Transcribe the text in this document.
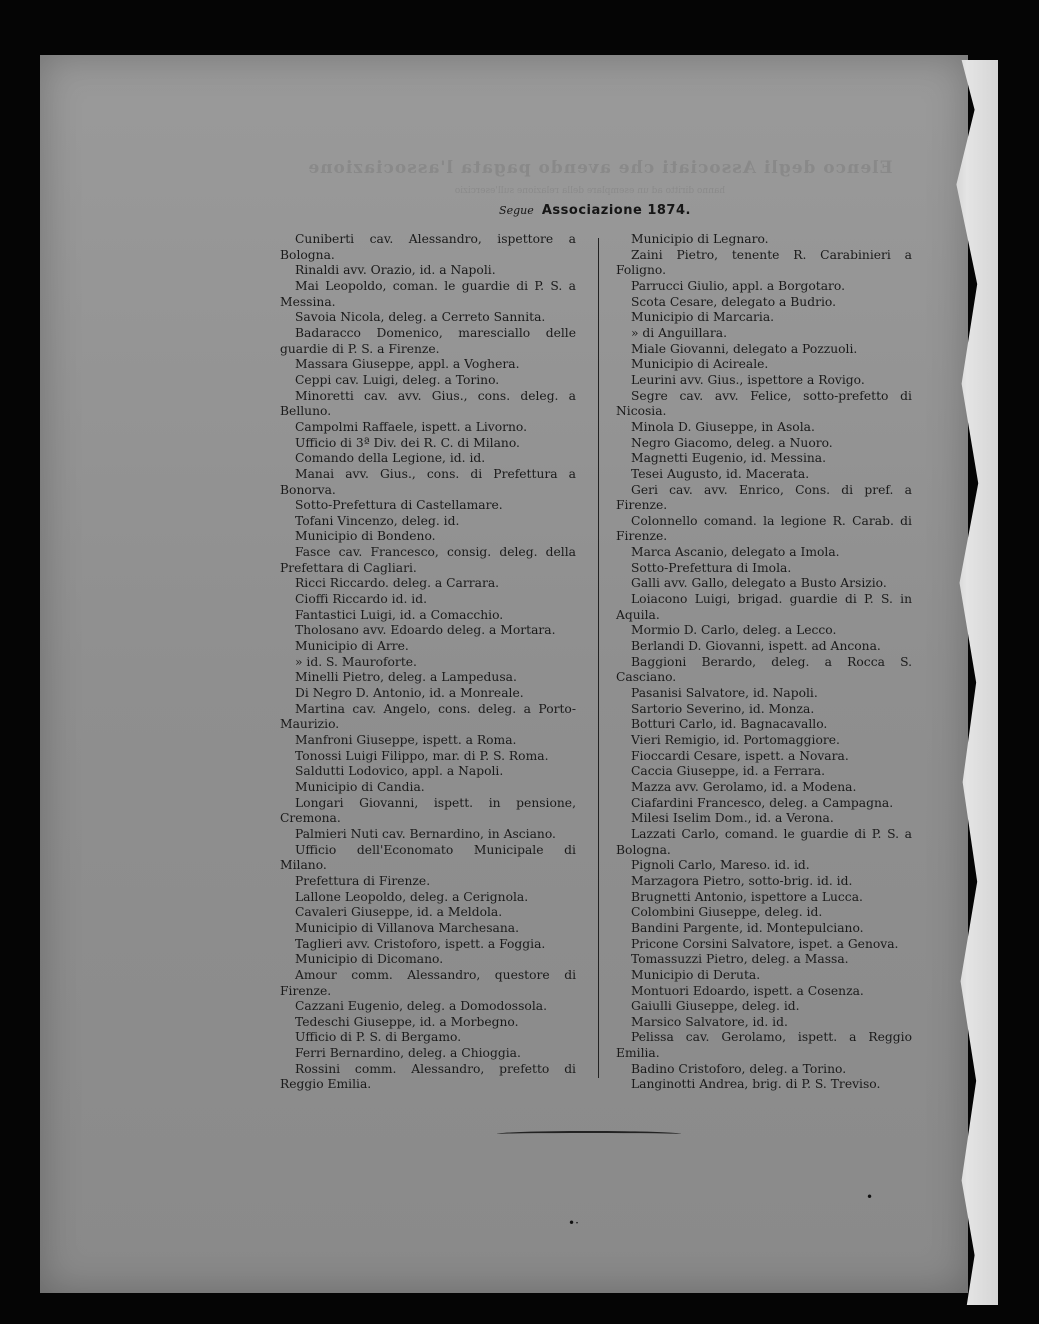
Elenco degli Associati che avendo pagata l'associazione
hanno diritto ad un esemplare della relazione sull'esercizio
Segue Associazione 1874.

Cuniberti cav. Alessandro, ispettore a Bologna.

Rinaldi avv. Orazio, id. a Napoli.

Mai Leopoldo, coman. le guardie di P. S. a Messina.

Savoia Nicola, deleg. a Cerreto Sannita.

Badaracco Domenico, maresciallo delle guardie di P. S. a Firenze.

Massara Giuseppe, appl. a Voghera.

Ceppi cav. Luigi, deleg. a Torino.

Minoretti cav. avv. Gius., cons. deleg. a Belluno.

Campolmi Raffaele, ispett. a Livorno.

Ufficio di 3ª Div. dei R. C. di Milano.

Comando della Legione, id. id.

Manai avv. Gius., cons. di Prefettura a Bonorva.

Sotto-Prefettura di Castellamare.

Tofani Vincenzo, deleg. id.

Municipio di Bondeno.

Fasce cav. Francesco, consig. deleg. della Prefettara di Cagliari.

Ricci Riccardo. deleg. a Carrara.

Cioffi Riccardo id. id.

Fantastici Luigi, id. a Comacchio.

Tholosano avv. Edoardo deleg. a Mortara.

Municipio di Arre.

» id. S. Mauroforte.

Minelli Pietro, deleg. a Lampedusa.

Di Negro D. Antonio, id. a Monreale.

Martina cav. Angelo, cons. deleg. a Porto-Maurizio.

Manfroni Giuseppe, ispett. a Roma.

Tonossi Luigi Filippo, mar. di P. S. Roma.

Saldutti Lodovico, appl. a Napoli.

Municipio di Candia.

Longari Giovanni, ispett. in pensione, Cremona.

Palmieri Nuti cav. Bernardino, in Asciano.

Ufficio dell'Economato Municipale di Milano.

Prefettura di Firenze.

Lallone Leopoldo, deleg. a Cerignola.

Cavaleri Giuseppe, id. a Meldola.

Municipio di Villanova Marchesana.

Taglieri avv. Cristoforo, ispett. a Foggia.

Municipio di Dicomano.

Amour comm. Alessandro, questore di Firenze.

Cazzani Eugenio, deleg. a Domodossola.

Tedeschi Giuseppe, id. a Morbegno.

Ufficio di P. S. di Bergamo.

Ferri Bernardino, deleg. a Chioggia.

Rossini comm. Alessandro, prefetto di Reggio Emilia.

Municipio di Legnaro.

Zaini Pietro, tenente R. Carabinieri a Foligno.

Parrucci Giulio, appl. a Borgotaro.

Scota Cesare, delegato a Budrio.

Municipio di Marcaria.

» di Anguillara.

Miale Giovanni, delegato a Pozzuoli.

Municipio di Acireale.

Leurini avv. Gius., ispettore a Rovigo.

Segre cav. avv. Felice, sotto-prefetto di Nicosia.

Minola D. Giuseppe, in Asola.

Negro Giacomo, deleg. a Nuoro.

Magnetti Eugenio, id. Messina.

Tesei Augusto, id. Macerata.

Geri cav. avv. Enrico, Cons. di pref. a Firenze.

Colonnello comand. la legione R. Carab. di Firenze.

Marca Ascanio, delegato a Imola.

Sotto-Prefettura di Imola.

Galli avv. Gallo, delegato a Busto Arsizio.

Loiacono Luigi, brigad. guardie di P. S. in Aquila.

Mormio D. Carlo, deleg. a Lecco.

Berlandi D. Giovanni, ispett. ad Ancona.

Baggioni Berardo, deleg. a Rocca S. Casciano.

Pasanisi Salvatore, id. Napoli.

Sartorio Severino, id. Monza.

Botturi Carlo, id. Bagnacavallo.

Vieri Remigio, id. Portomaggiore.

Fioccardi Cesare, ispett. a Novara.

Caccia Giuseppe, id. a Ferrara.

Mazza avv. Gerolamo, id. a Modena.

Ciafardini Francesco, deleg. a Campagna.

Milesi Iselim Dom., id. a Verona.

Lazzati Carlo, comand. le guardie di P. S. a Bologna.

Pignoli Carlo, Mareso. id. id.

Marzagora Pietro, sotto-brig. id. id.

Brugnetti Antonio, ispettore a Lucca.

Colombini Giuseppe, deleg. id.

Bandini Pargente, id. Montepulciano.

Pricone Corsini Salvatore, ispet. a Genova.

Tomassuzzi Pietro, deleg. a Massa.

Municipio di Deruta.

Montuori Edoardo, ispett. a Cosenza.

Gaiulli Giuseppe, deleg. id.

Marsico Salvatore, id. id.

Pelissa cav. Gerolamo, ispett. a Reggio Emilia.

Badino Cristoforo, deleg. a Torino.

Langinotti Andrea, brig. di P. S. Treviso.

•·
•
